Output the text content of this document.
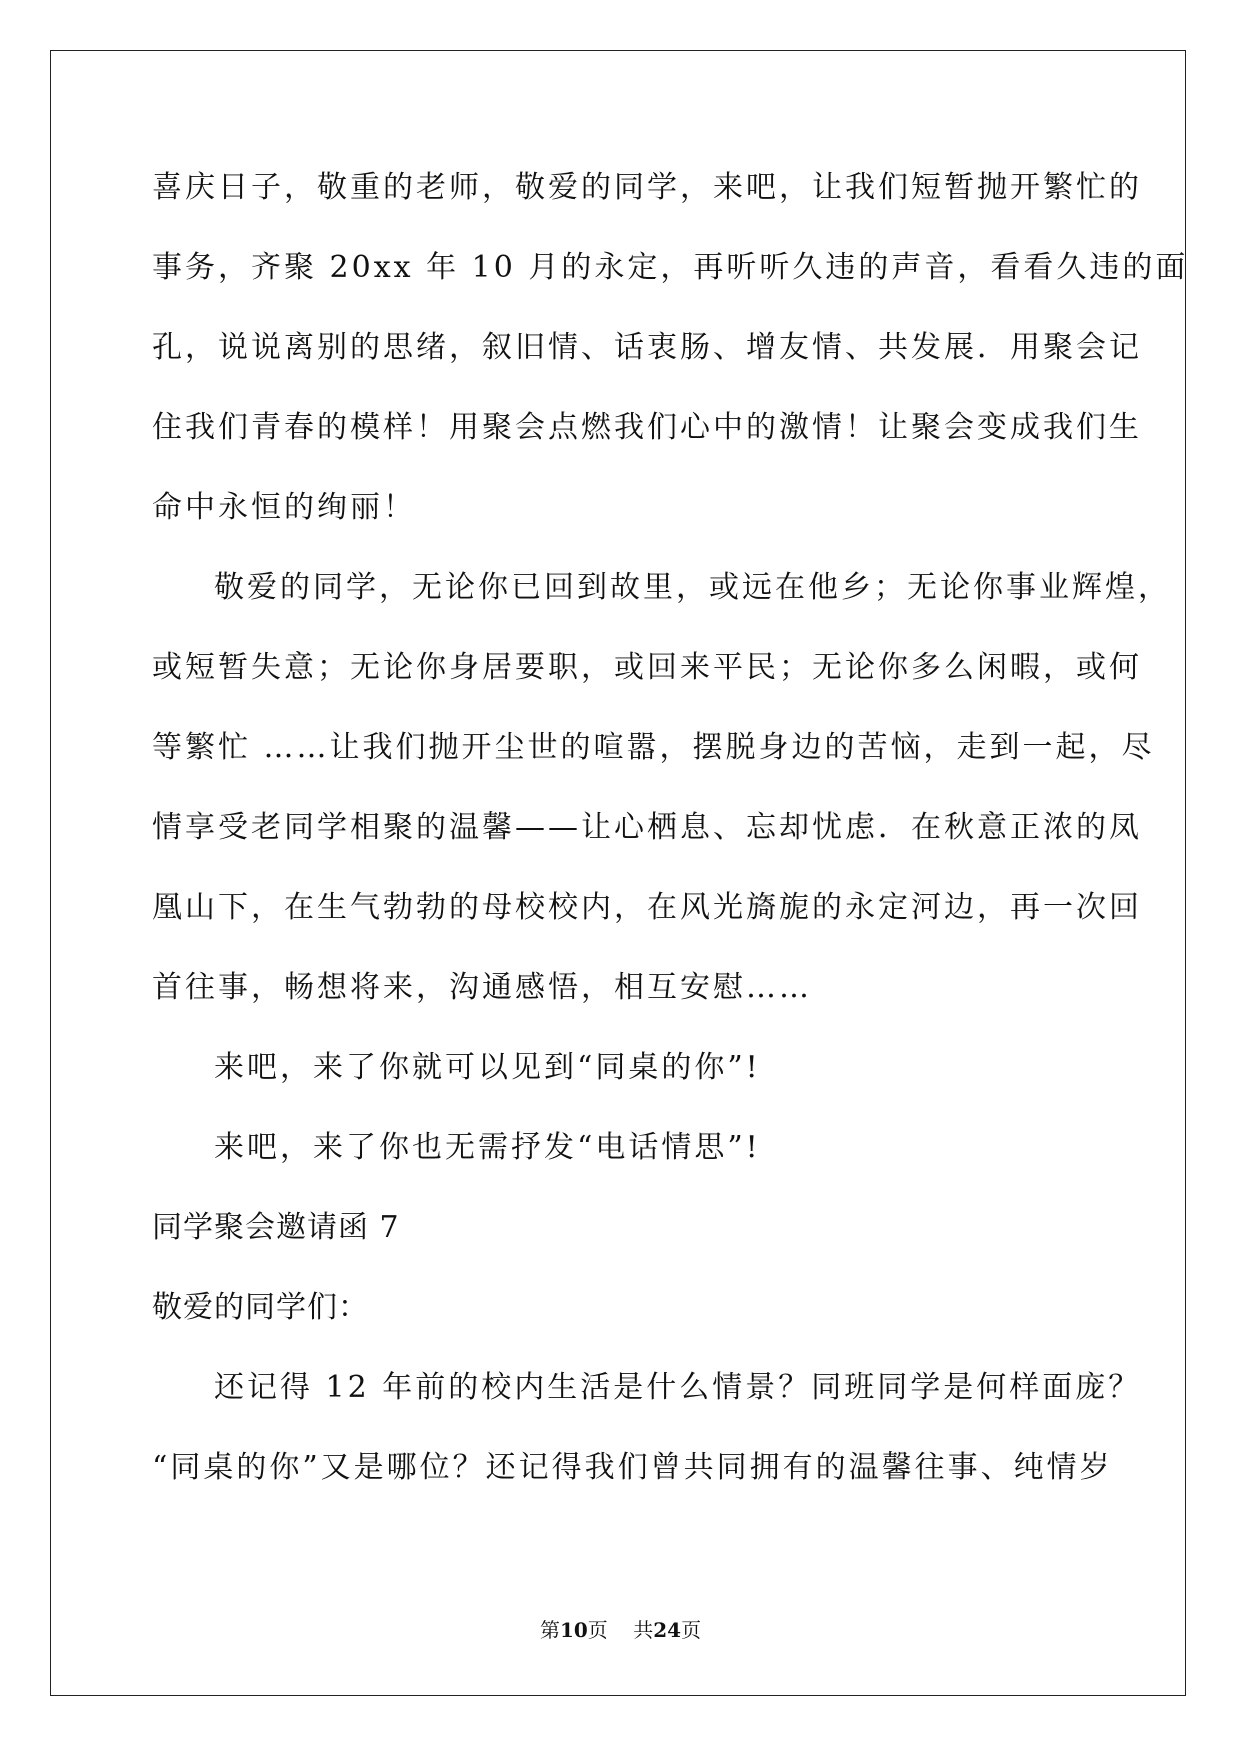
喜庆日子，敬重的老师，敬爱的同学，来吧，让我们短暂抛开繁忙的
事务，齐聚 20xx 年 10 月的永定，再听听久违的声音，看看久违的面
孔，说说离别的思绪，叙旧情、话衷肠、增友情、共发展．用聚会记
住我们青春的模样！用聚会点燃我们心中的激情！让聚会变成我们生
命中永恒的绚丽！
敬爱的同学，无论你已回到故里，或远在他乡；无论你事业辉煌，
或短暂失意；无论你身居要职，或回来平民；无论你多么闲暇，或何
等繁忙 ……让我们抛开尘世的喧嚣，摆脱身边的苦恼，走到一起，尽
情享受老同学相聚的温馨——让心栖息、忘却忧虑．在秋意正浓的凤
凰山下，在生气勃勃的母校校内，在风光旖旎的永定河边，再一次回
首往事，畅想将来，沟通感悟，相互安慰……
来吧，来了你就可以见到“同桌的你”!
来吧，来了你也无需抒发“电话情思”!
同学聚会邀请函 7
敬爱的同学们：
还记得 12 年前的校内生活是什么情景？同班同学是何样面庞？
“同桌的你”又是哪位？还记得我们曾共同拥有的温馨往事、纯情岁
第10页    共24页
